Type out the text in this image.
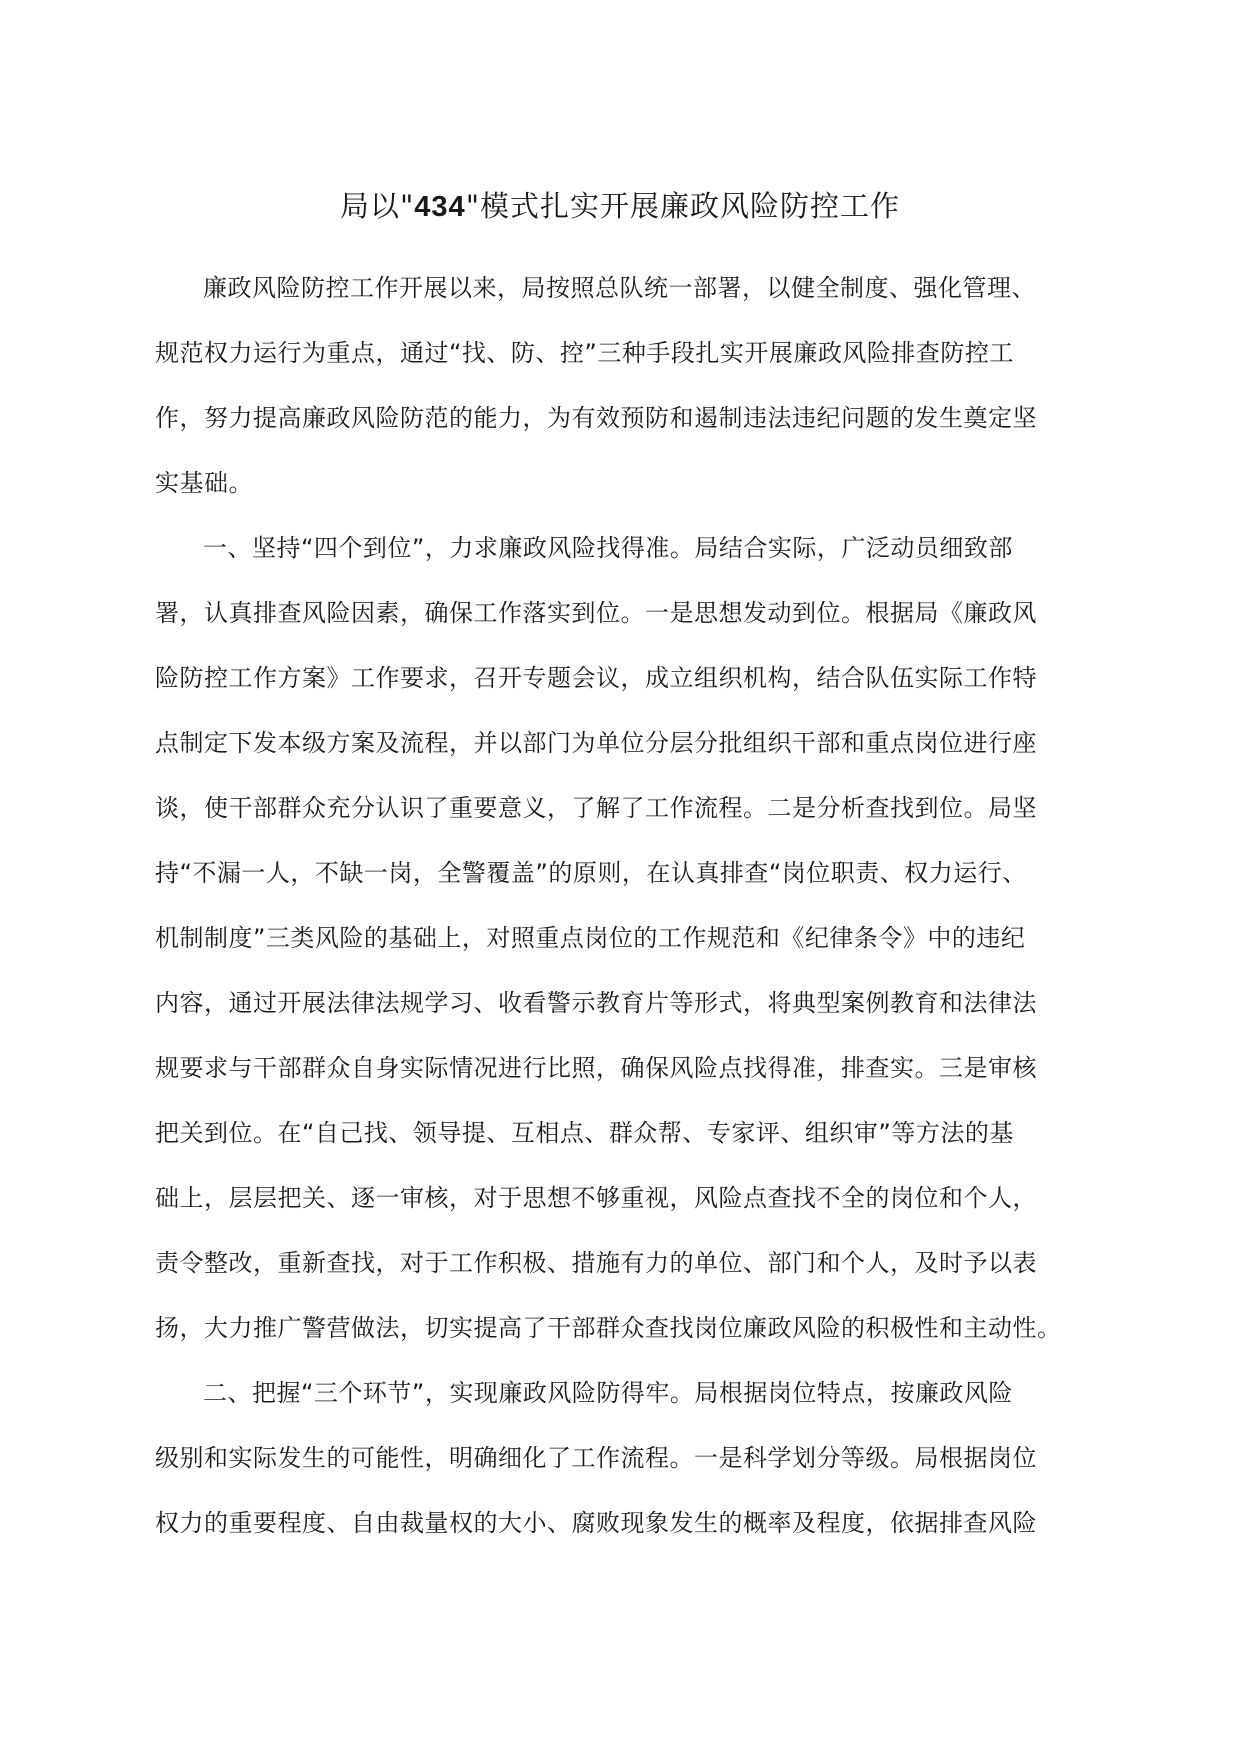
局以"434"模式扎实开展廉政风险防控工作
廉政风险防控工作开展以来，局按照总队统一部署，以健全制度、强化管理、
规范权力运行为重点，通过“找、防、控”三种手段扎实开展廉政风险排查防控工
作，努力提高廉政风险防范的能力，为有效预防和遏制违法违纪问题的发生奠定坚
实基础。
一、坚持“四个到位”，力求廉政风险找得准。局结合实际，广泛动员细致部
署，认真排查风险因素，确保工作落实到位。一是思想发动到位。根据局《廉政风
险防控工作方案》工作要求，召开专题会议，成立组织机构，结合队伍实际工作特
点制定下发本级方案及流程，并以部门为单位分层分批组织干部和重点岗位进行座
谈，使干部群众充分认识了重要意义，了解了工作流程。二是分析查找到位。局坚
持“不漏一人，不缺一岗，全警覆盖”的原则，在认真排查“岗位职责、权力运行、
机制制度”三类风险的基础上，对照重点岗位的工作规范和《纪律条令》中的违纪
内容，通过开展法律法规学习、收看警示教育片等形式，将典型案例教育和法律法
规要求与干部群众自身实际情况进行比照，确保风险点找得准，排查实。三是审核
把关到位。在“自己找、领导提、互相点、群众帮、专家评、组织审”等方法的基
础上，层层把关、逐一审核，对于思想不够重视，风险点查找不全的岗位和个人，
责令整改，重新查找，对于工作积极、措施有力的单位、部门和个人，及时予以表
扬，大力推广警营做法，切实提高了干部群众查找岗位廉政风险的积极性和主动性。
二、把握“三个环节”，实现廉政风险防得牢。局根据岗位特点，按廉政风险
级别和实际发生的可能性，明确细化了工作流程。一是科学划分等级。局根据岗位
权力的重要程度、自由裁量权的大小、腐败现象发生的概率及程度，依据排查风险
